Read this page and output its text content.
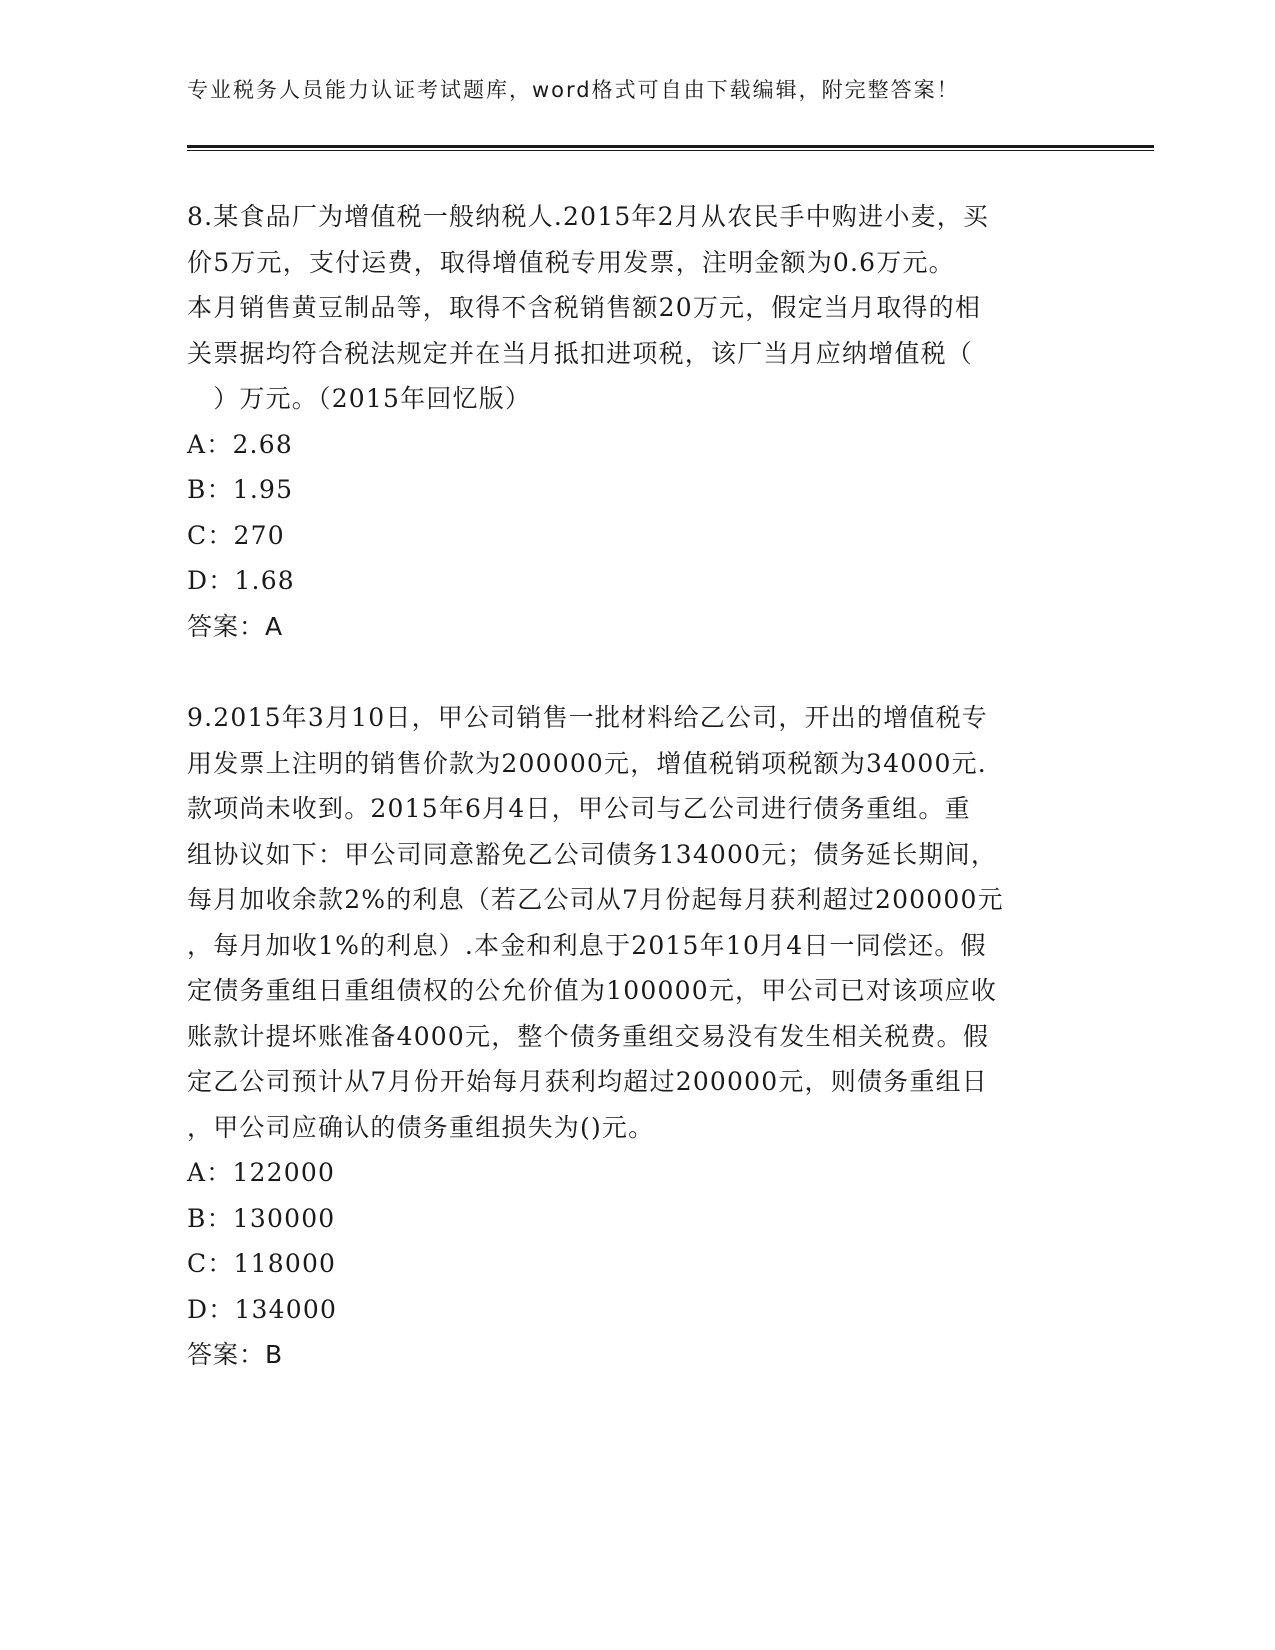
专业税务人员能力认证考试题库，word格式可自由下载编辑，附完整答案！

8.某食品厂为增值税一般纳税人.2015年2月从农民手中购进小麦，买
价5万元，支付运费，取得增值税专用发票，注明金额为0.6万元。
本月销售黄豆制品等，取得不含税销售额20万元，假定当月取得的相
关票据均符合税法规定并在当月抵扣进项税，该厂当月应纳增值税（
　）万元。（2015年回忆版）

A：2.68
B：1.95
C：270
D：1.68
答案：A

9.2015年3月10日，甲公司销售一批材料给乙公司，开出的增值税专
用发票上注明的销售价款为200000元，增值税销项税额为34000元.
款项尚未收到。2015年6月4日，甲公司与乙公司进行债务重组。重
组协议如下：甲公司同意豁免乙公司债务134000元；债务延长期间，
每月加收余款2%的利息（若乙公司从7月份起每月获利超过200000元
，每月加收1%的利息）.本金和利息于2015年10月4日一同偿还。假
定债务重组日重组债权的公允价值为100000元，甲公司已对该项应收
账款计提坏账准备4000元，整个债务重组交易没有发生相关税费。假
定乙公司预计从7月份开始每月获利均超过200000元，则债务重组日
，甲公司应确认的债务重组损失为()元。

A：122000
B：130000
C：118000
D：134000
答案：B
